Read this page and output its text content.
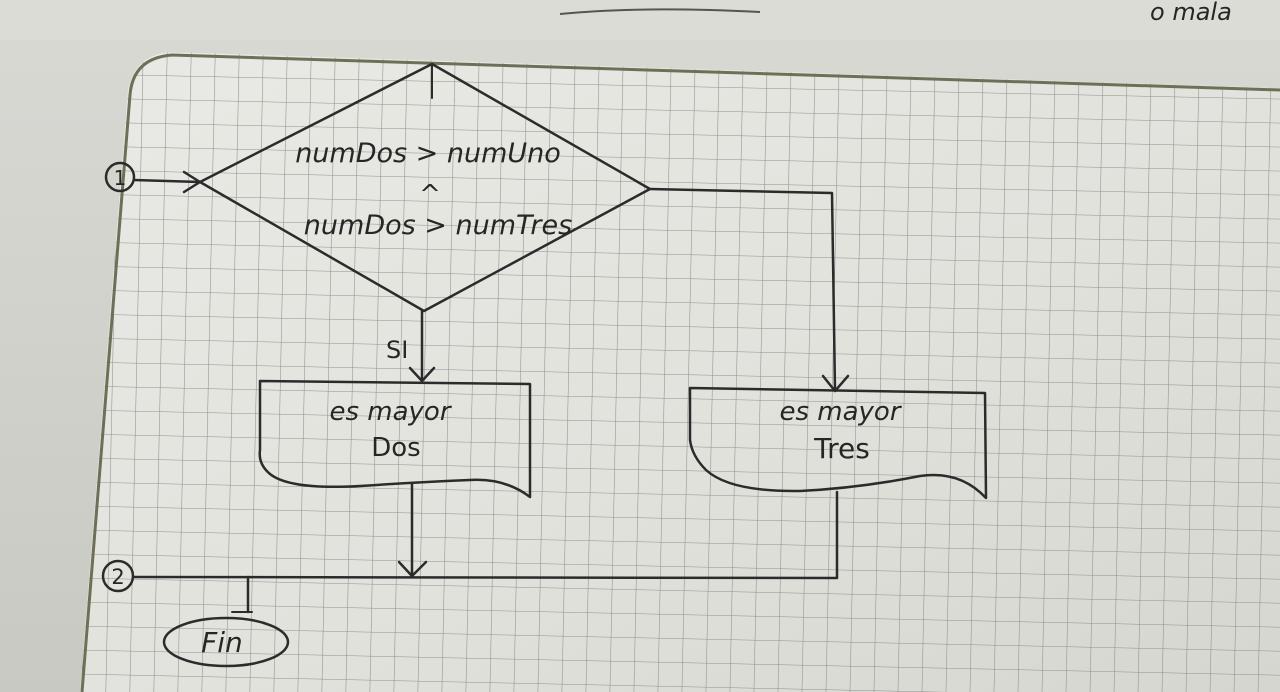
o mala
1
numDos > numUno
^
numDos > numTres
SI
es mayor
Dos
es mayor
Tres
2
Fin
